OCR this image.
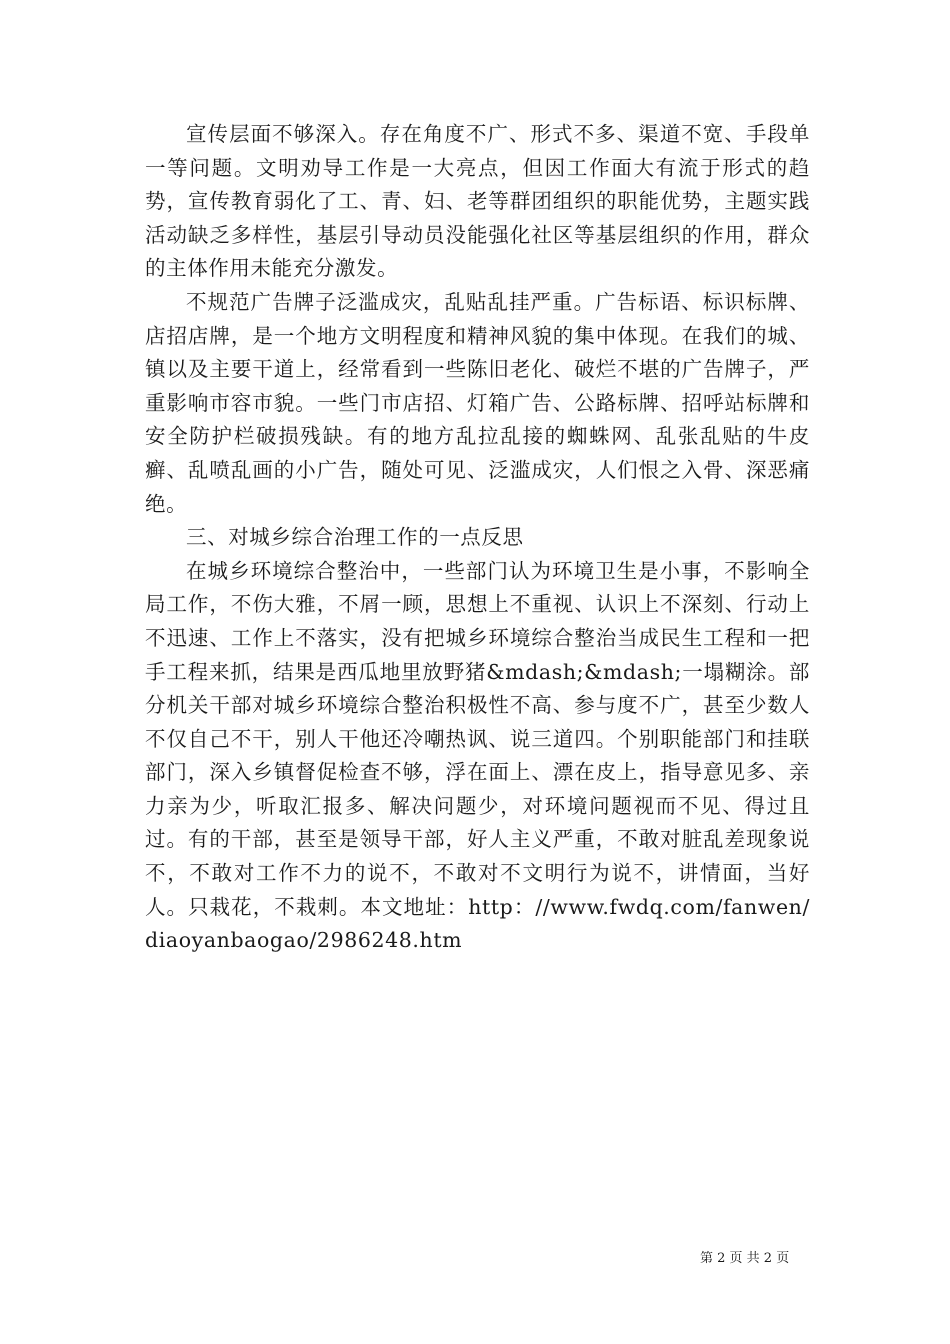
宣传层面不够深入。存在角度不广、形式不多、渠道不宽、手段单一等问题。文明劝导工作是一大亮点，但因工作面大有流于形式的趋势，宣传教育弱化了工、青、妇、老等群团组织的职能优势，主题实践活动缺乏多样性，基层引导动员没能强化社区等基层组织的作用，群众的主体作用未能充分激发。

不规范广告牌子泛滥成灾，乱贴乱挂严重。广告标语、标识标牌、店招店牌，是一个地方文明程度和精神风貌的集中体现。在我们的城、镇以及主要干道上，经常看到一些陈旧老化、破烂不堪的广告牌子，严重影响市容市貌。一些门市店招、灯箱广告、公路标牌、招呼站标牌和安全防护栏破损残缺。有的地方乱拉乱接的蜘蛛网、乱张乱贴的牛皮癣、乱喷乱画的小广告，随处可见、泛滥成灾，人们恨之入骨、深恶痛绝。

三、对城乡综合治理工作的一点反思

在城乡环境综合整治中，一些部门认为环境卫生是小事，不影响全局工作，不伤大雅，不屑一顾，思想上不重视、认识上不深刻、行动上不迅速、工作上不落实，没有把城乡环境综合整治当成民生工程和一把手工程来抓，结果是西瓜地里放野猪&mdash;&mdash;一塌糊涂。部分机关干部对城乡环境综合整治积极性不高、参与度不广，甚至少数人不仅自己不干，别人干他还冷嘲热讽、说三道四。个别职能部门和挂联部门，深入乡镇督促检查不够，浮在面上、漂在皮上，指导意见多、亲力亲为少，听取汇报多、解决问题少，对环境问题视而不见、得过且过。有的干部，甚至是领导干部，好人主义严重，不敢对脏乱差现象说不，不敢对工作不力的说不，不敢对不文明行为说不，讲情面，当好人。只栽花，不栽刺。本文地址：http：//www.fwdq.com/fanwen/diaoyanbaogao/2986248.htm

第 2 页 共 2 页
